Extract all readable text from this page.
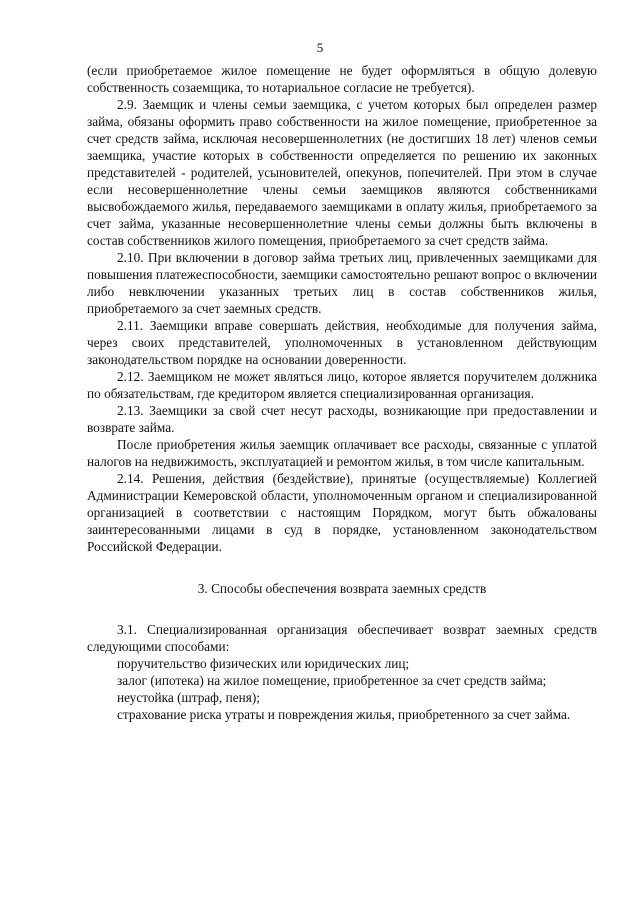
5

(если приобретаемое жилое помещение не будет оформляться в общую долевую собственность созаемщика, то нотариальное согласие не требуется).

2.9. Заемщик и члены семьи заемщика, с учетом которых был определен размер займа, обязаны оформить право собственности на жилое помещение, приобретенное за счет средств займа, исключая несовершеннолетних (не достигших 18 лет) членов семьи заемщика, участие которых в собственности определяется по решению их законных представителей - родителей, усыновителей, опекунов, попечителей. При этом в случае если несовершеннолетние члены семьи заемщиков являются собственниками высвобождаемого жилья, передаваемого заемщиками в оплату жилья, приобретаемого за счет займа, указанные несовершеннолетние члены семьи должны быть включены в состав собственников жилого помещения, приобретаемого за счет средств займа.

2.10. При включении в договор займа третьих лиц, привлеченных заемщиками для повышения платежеспособности, заемщики самостоятельно решают вопрос о включении либо невключении указанных третьих лиц в состав собственников жилья, приобретаемого за счет заемных средств.

2.11. Заемщики вправе совершать действия, необходимые для получения займа, через своих представителей, уполномоченных в установленном действующим законодательством порядке на основании доверенности.

2.12. Заемщиком не может являться лицо, которое является поручителем должника по обязательствам, где кредитором является специализированная организация.

2.13. Заемщики за свой счет несут расходы, возникающие при предоставлении и возврате займа.

После приобретения жилья заемщик оплачивает все расходы, связанные с уплатой налогов на недвижимость, эксплуатацией и ремонтом жилья, в том числе капитальным.

2.14. Решения, действия (бездействие), принятые (осуществляемые) Коллегией Администрации Кемеровской области, уполномоченным органом и специализированной организацией в соответствии с настоящим Порядком, могут быть обжалованы заинтересованными лицами в суд в порядке, установленном законодательством Российской Федерации.

3. Способы обеспечения возврата заемных средств

3.1. Специализированная организация обеспечивает возврат заемных средств следующими способами:

поручительство физических или юридических лиц;

залог (ипотека) на жилое помещение, приобретенное за счет средств займа;

неустойка (штраф, пеня);

страхование риска утраты и повреждения жилья, приобретенного за счет займа.
